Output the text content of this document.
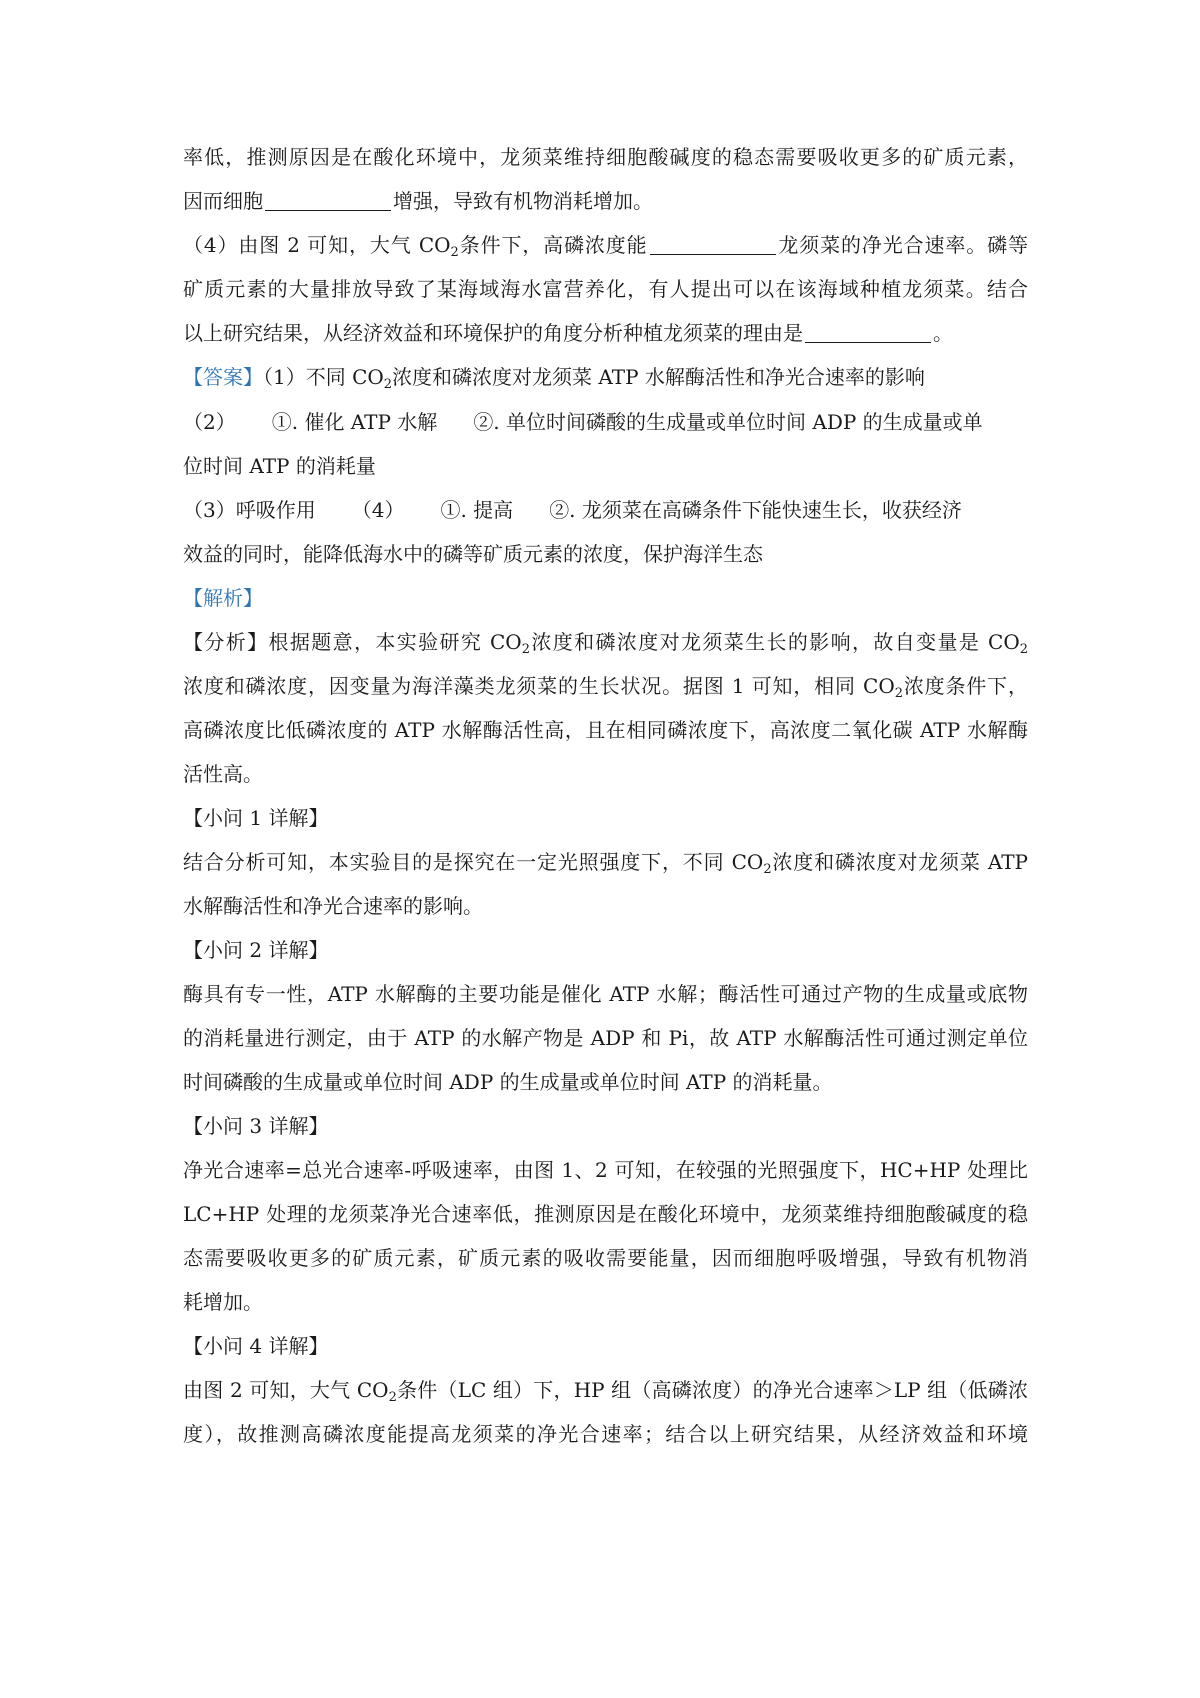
率低，推测原因是在酸化环境中，龙须菜维持细胞酸碱度的稳态需要吸收更多的矿质元素，
因而细胞	增强，导致有机物消耗增加。
（4）由图 2 可知，大气 $CO_2$条件下，高磷浓度能	龙须菜的净光合速率。磷等
矿质元素的大量排放导致了某海域海水富营养化，有人提出可以在该海域种植龙须菜。结合
以上研究结果，从经济效益和环境保护的角度分析种植龙须菜的理由是	。
【答案】（1）不同 $CO_2$浓度和磷浓度对龙须菜 ATP 水解酶活性和净光合速率的影响
（2） ①. 催化 ATP 水解 ②. 单位时间磷酸的生成量或单位时间 ADP 的生成量或单
位时间 ATP 的消耗量
（3）呼吸作用 （4） ①. 提高 ②. 龙须菜在高磷条件下能快速生长，收获经济
效益的同时，能降低海水中的磷等矿质元素的浓度，保护海洋生态
【解析】
【分析】根据题意，本实验研究 $CO_2$浓度和磷浓度对龙须菜生长的影响，故自变量是 $CO_2$
浓度和磷浓度，因变量为海洋藻类龙须菜的生长状况。据图 1 可知，相同 $CO_2$浓度条件下，
高磷浓度比低磷浓度的 ATP 水解酶活性高，且在相同磷浓度下，高浓度二氧化碳 ATP 水解酶
活性高。
【小问 1 详解】
结合分析可知，本实验目的是探究在一定光照强度下，不同 $CO_2$浓度和磷浓度对龙须菜 ATP
水解酶活性和净光合速率的影响。
【小问 2 详解】
酶具有专一性，ATP 水解酶的主要功能是催化 ATP 水解；酶活性可通过产物的生成量或底物
的消耗量进行测定，由于 ATP 的水解产物是 ADP 和 Pi，故 ATP 水解酶活性可通过测定单位
时间磷酸的生成量或单位时间 ADP 的生成量或单位时间 ATP 的消耗量。
【小问 3 详解】
净光合速率=总光合速率-呼吸速率，由图 1、2 可知，在较强的光照强度下，HC+HP 处理比
LC+HP 处理的龙须菜净光合速率低，推测原因是在酸化环境中，龙须菜维持细胞酸碱度的稳
态需要吸收更多的矿质元素，矿质元素的吸收需要能量，因而细胞呼吸增强，导致有机物消
耗增加。
【小问 4 详解】
由图 2 可知，大气 $CO_2$条件（LC 组）下，HP 组（高磷浓度）的净光合速率＞LP 组（低磷浓
度），故推测高磷浓度能提高龙须菜的净光合速率；结合以上研究结果，从经济效益和环境
